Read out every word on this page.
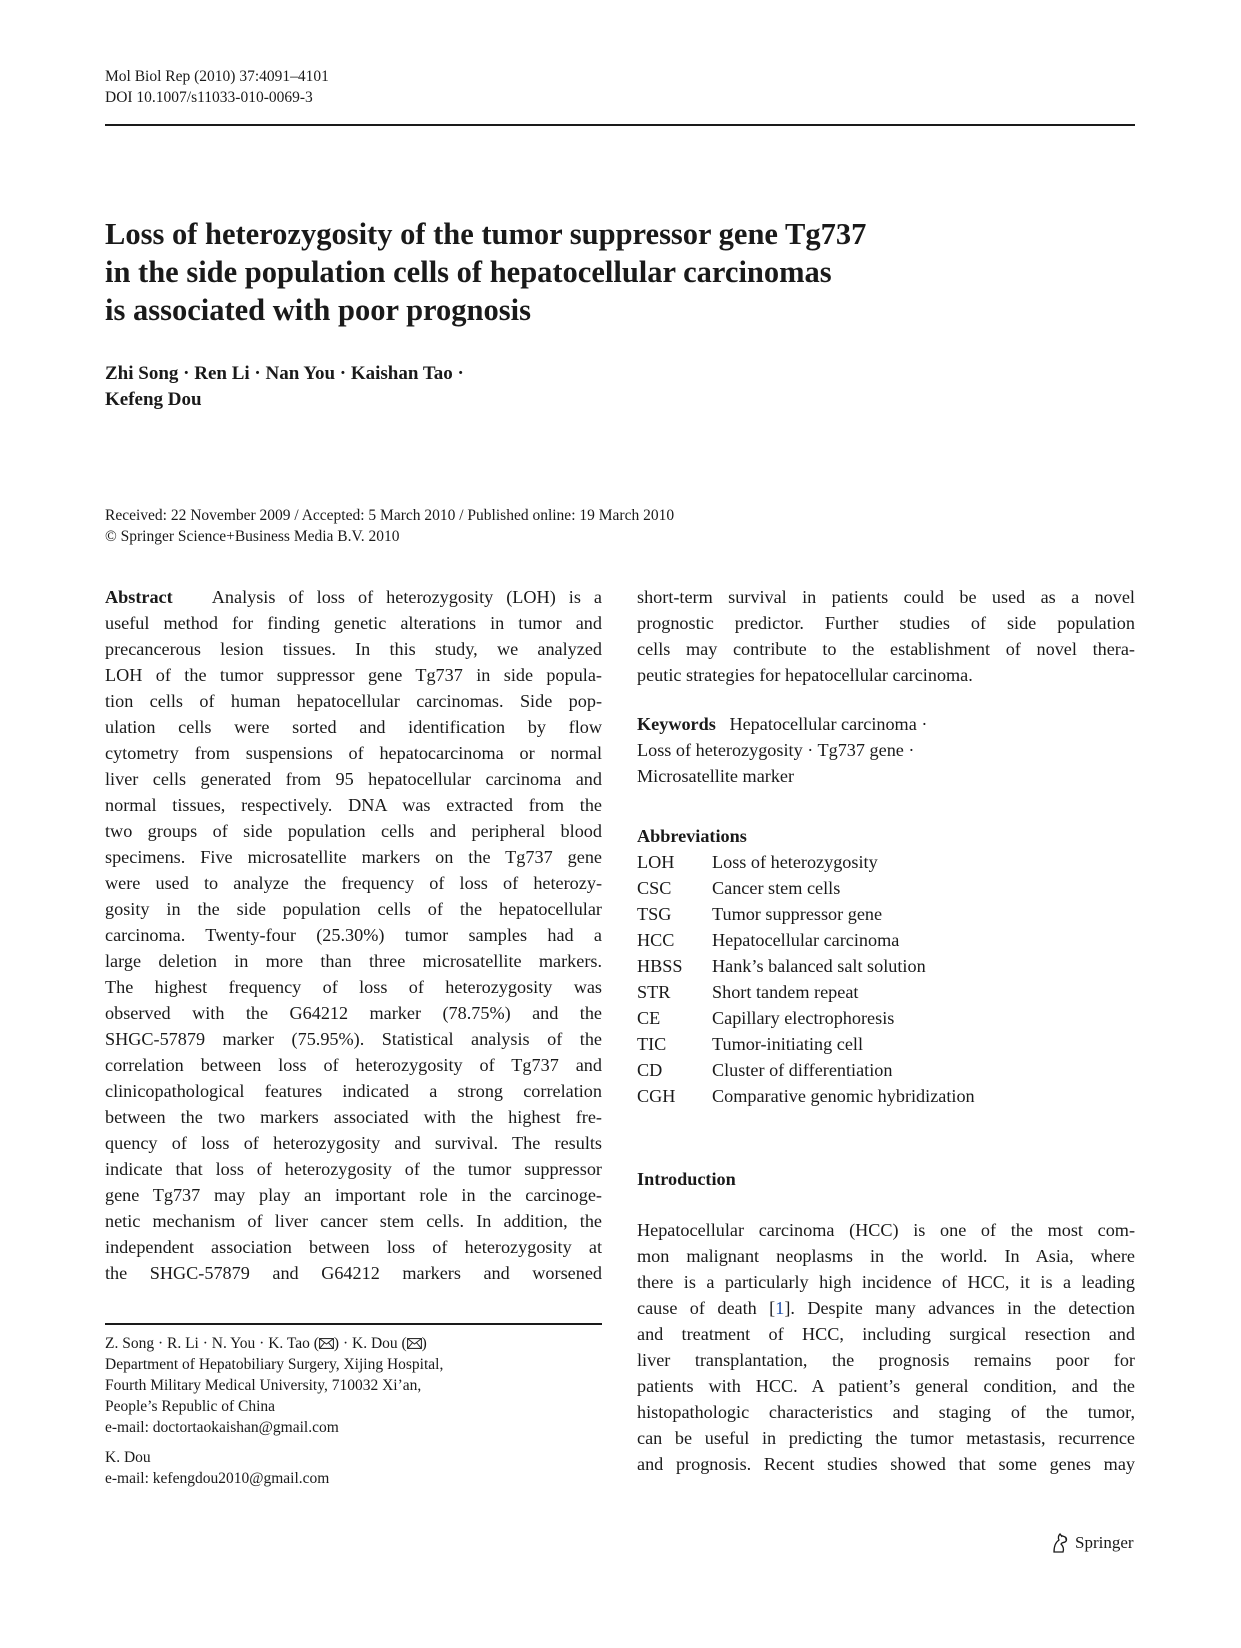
Mol Biol Rep (2010) 37:4091–4101
DOI 10.1007/s11033-010-0069-3
Loss of heterozygosity of the tumor suppressor gene Tg737
in the side population cells of hepatocellular carcinomas
is associated with poor prognosis
Zhi Song · Ren Li · Nan You · Kaishan Tao ·
Kefeng Dou
Received: 22 November 2009 / Accepted: 5 March 2010 / Published online: 19 March 2010
© Springer Science+Business Media B.V. 2010
Abstract Analysis of loss of heterozygosity (LOH) is a
useful method for finding genetic alterations in tumor and
precancerous lesion tissues. In this study, we analyzed
LOH of the tumor suppressor gene Tg737 in side popula-
tion cells of human hepatocellular carcinomas. Side pop-
ulation cells were sorted and identification by flow
cytometry from suspensions of hepatocarcinoma or normal
liver cells generated from 95 hepatocellular carcinoma and
normal tissues, respectively. DNA was extracted from the
two groups of side population cells and peripheral blood
specimens. Five microsatellite markers on the Tg737 gene
were used to analyze the frequency of loss of heterozy-
gosity in the side population cells of the hepatocellular
carcinoma. Twenty-four (25.30%) tumor samples had a
large deletion in more than three microsatellite markers.
The highest frequency of loss of heterozygosity was
observed with the G64212 marker (78.75%) and the
SHGC-57879 marker (75.95%). Statistical analysis of the
correlation between loss of heterozygosity of Tg737 and
clinicopathological features indicated a strong correlation
between the two markers associated with the highest fre-
quency of loss of heterozygosity and survival. The results
indicate that loss of heterozygosity of the tumor suppressor
gene Tg737 may play an important role in the carcinoge-
netic mechanism of liver cancer stem cells. In addition, the
independent association between loss of heterozygosity at
the SHGC-57879 and G64212 markers and worsened
Z. Song · R. Li · N. You · K. Tao ( ) · K. Dou ( )
Department of Hepatobiliary Surgery, Xijing Hospital,
Fourth Military Medical University, 710032 Xi’an,
People’s Republic of China
e-mail: doctortaokaishan@gmail.com
K. Dou
e-mail: kefengdou2010@gmail.com
short-term survival in patients could be used as a novel
prognostic predictor. Further studies of side population
cells may contribute to the establishment of novel thera-
peutic strategies for hepatocellular carcinoma.
Keywords Hepatocellular carcinoma ·
Loss of heterozygosity · Tg737 gene ·
Microsatellite marker
Abbreviations
LOH	Loss of heterozygosity
CSC	Cancer stem cells
TSG	Tumor suppressor gene
HCC	Hepatocellular carcinoma
HBSS	Hank’s balanced salt solution
STR	Short tandem repeat
CE	Capillary electrophoresis
TIC	Tumor-initiating cell
CD	Cluster of differentiation
CGH	Comparative genomic hybridization
Introduction
Hepatocellular carcinoma (HCC) is one of the most com-
mon malignant neoplasms in the world. In Asia, where
there is a particularly high incidence of HCC, it is a leading
cause of death [1]. Despite many advances in the detection
and treatment of HCC, including surgical resection and
liver transplantation, the prognosis remains poor for
patients with HCC. A patient’s general condition, and the
histopathologic characteristics and staging of the tumor,
can be useful in predicting the tumor metastasis, recurrence
and prognosis. Recent studies showed that some genes may
Springer
